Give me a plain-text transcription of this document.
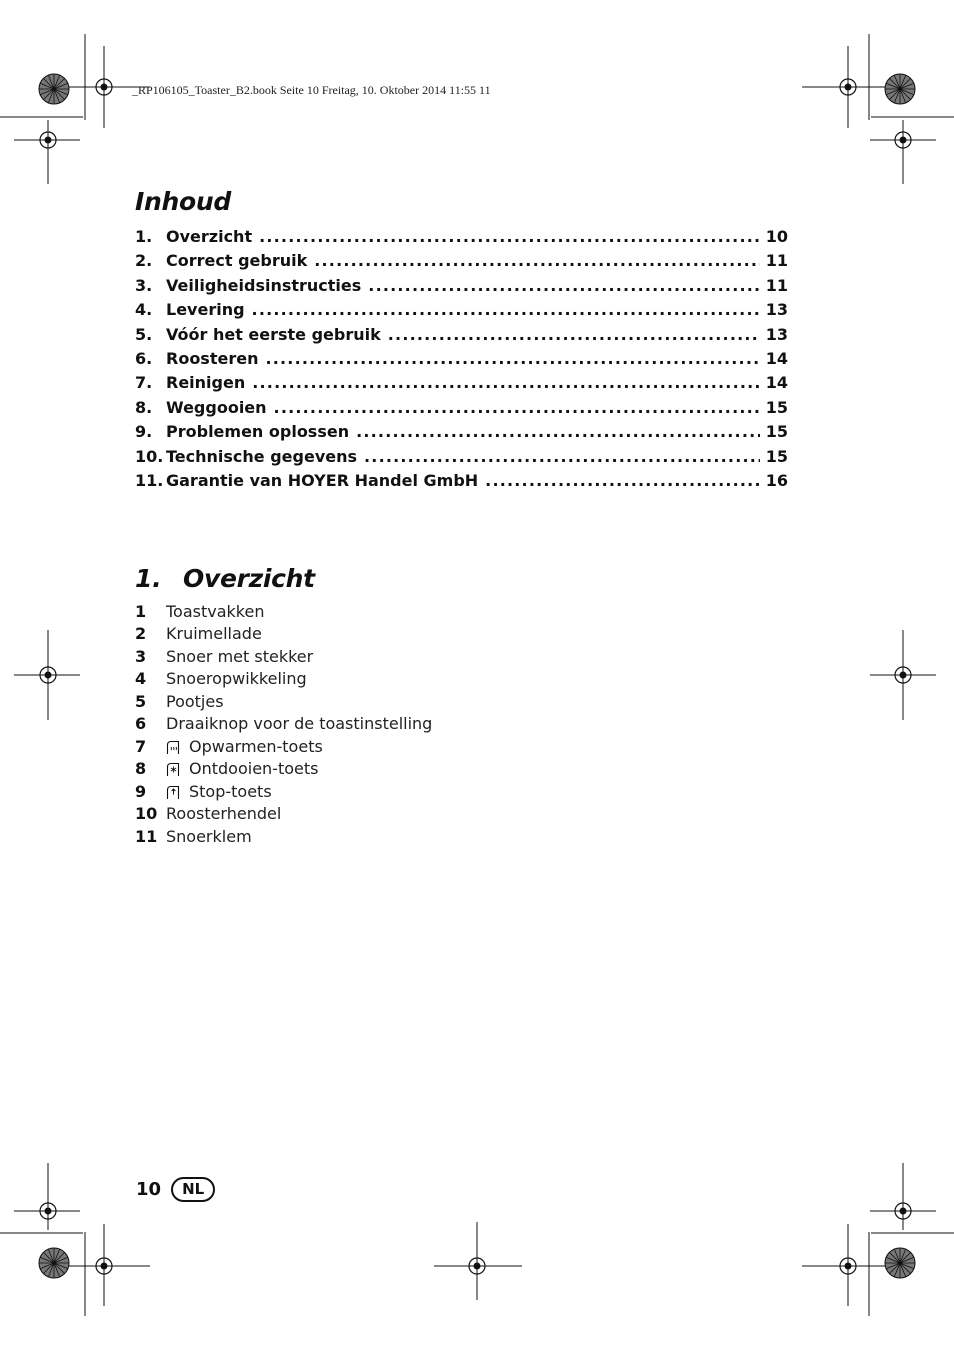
_RP106105_Toaster_B2.book Seite 10 Freitag, 10. Oktober 2014 11:55 11
Inhoud
1. Overzicht .....	10
2. Correct gebruik .....	11
3. Veiligheidsinstructies .....	11
4. Levering .....	13
5. Vóór het eerste gebruik .....	13
6. Roosteren .....	14
7. Reinigen .....	14
8. Weggooien .....	15
9. Problemen oplossen .....	15
10. Technische gegevens .....	15
11. Garantie van HOYER Handel GmbH .....	16
1. Overzicht
1	Toastvakken
2	Kruimellade
3	Snoer met stekker
4	Snoeropwikkeling
5	Pootjes
6	Draaiknop voor de toastinstelling
7	Opwarmen-toets
8	Ontdooien-toets
9	Stop-toets
10 Roosterhendel
11 Snoerklem
10	NL
